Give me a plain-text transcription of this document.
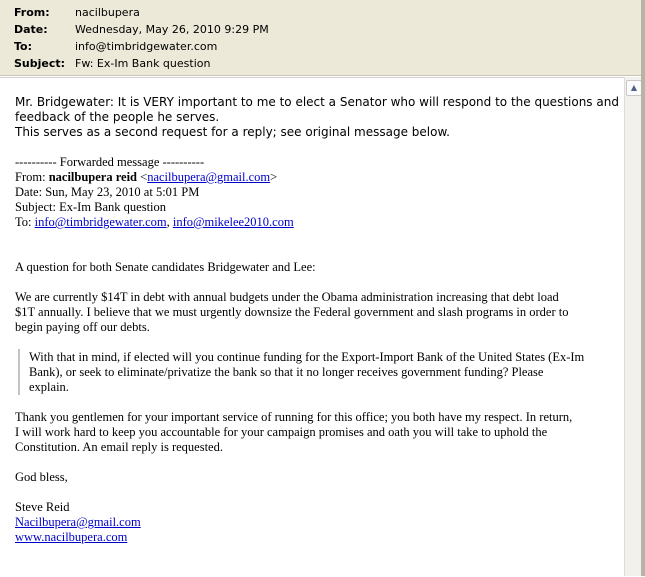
From: nacilbupera
Date: Wednesday, May 26, 2010 9:29 PM
To:	info@timbridgewater.com
Subject: Fw: Ex-Im Bank question
Mr. Bridgewater: It is VERY important to me to elect a Senator who will respond to the questions and
feedback of the people he serves.
This serves as a second request for a reply; see original message below.
---------- Forwarded message ----------
From: nacilbupera reid <nacilbupera@gmail.com>
Date: Sun, May 23, 2010 at 5:01 PM
Subject: Ex-Im Bank question
To: info@timbridgewater.com, info@mikelee2010.com
A question for both Senate candidates Bridgewater and Lee:
We are currently $14T in debt with annual budgets under the Obama administration increasing that debt load
$1T annually. I believe that we must urgently downsize the Federal government and slash programs in order to
begin paying off our debts.
With that in mind, if elected will you continue funding for the Export-Import Bank of the United States (Ex-Im
Bank), or seek to eliminate/privatize the bank so that it no longer receives government funding? Please
explain.
Thank you gentlemen for your important service of running for this office; you both have my respect. In return,
I will work hard to keep you accountable for your campaign promises and oath you will take to uphold the
Constitution. An email reply is requested.
God bless,
Steve Reid
Nacilbupera@gmail.com
www.nacilbupera.com
▲
